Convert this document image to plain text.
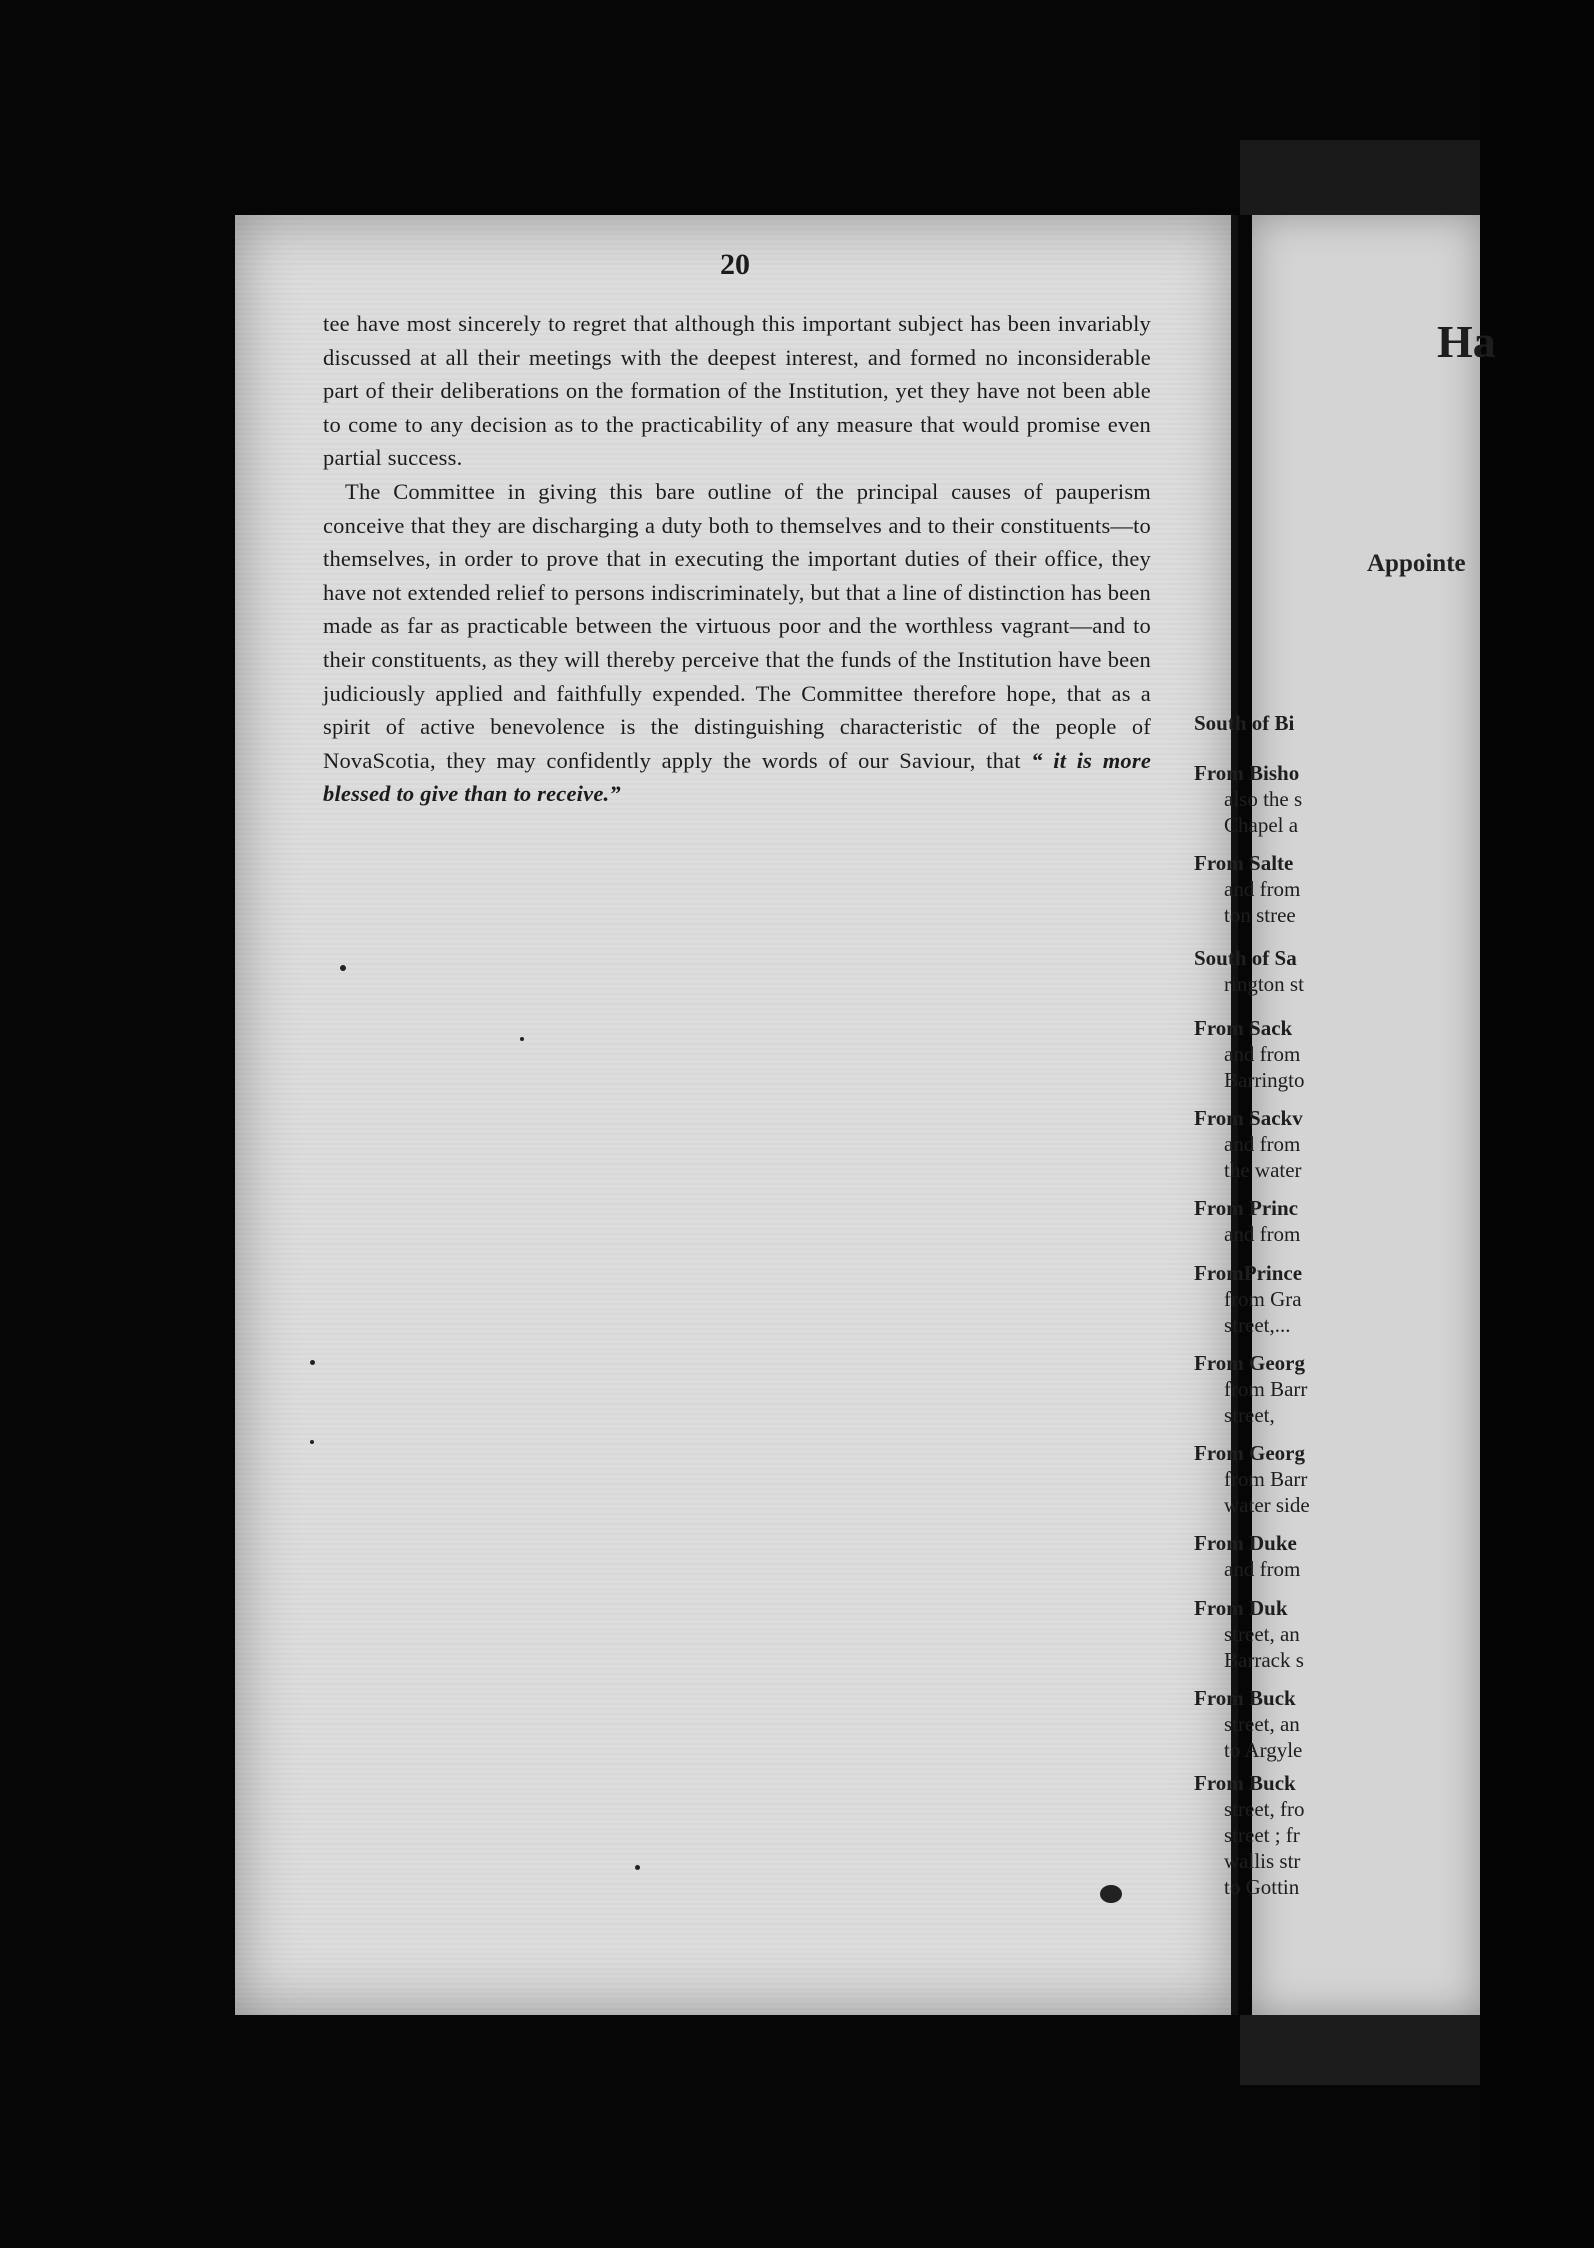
20

tee have most sincerely to regret that although this important subject has been invariably discussed at all their meetings with the deepest interest, and formed no inconsiderable part of their deliberations on the formation of the Institution, yet they have not been able to come to any decision as to the practicability of any measure that would promise even partial success.

The Committee in giving this bare outline of the principal causes of pauperism conceive that they are discharging a duty both to themselves and to their constituents—to themselves, in order to prove that in executing the important duties of their office, they have not extended relief to persons indiscriminately, but that a line of distinction has been made as far as practicable between the virtuous poor and the worthless vagrant—and to their constituents, as they will thereby perceive that the funds of the Institution have been judiciously applied and faithfully expended. The Committee therefore hope, that as a spirit of active benevolence is the distinguishing characteristic of the people of NovaScotia, they may confidently apply the words of our Saviour, that “ it is more blessed to give than to receive.”

Ha
Appointe
South of Bi
From Bisho
also the s
Chapel a
From Salte
and from
ton stree
South of Sa
rington st
From Sack
and from
Barringto
From Sackv
and from
the water
From Princ
and from
FromPrince
from Gra
street,...
From Georg
from Barr
street,
From Georg
from Barr
water side
From Duke
and from
From Duk
street, an
Barrack s
From Buck
street, an
to Argyle
From Buck
street, fro
street ; fr
wallis str
to Gottin
